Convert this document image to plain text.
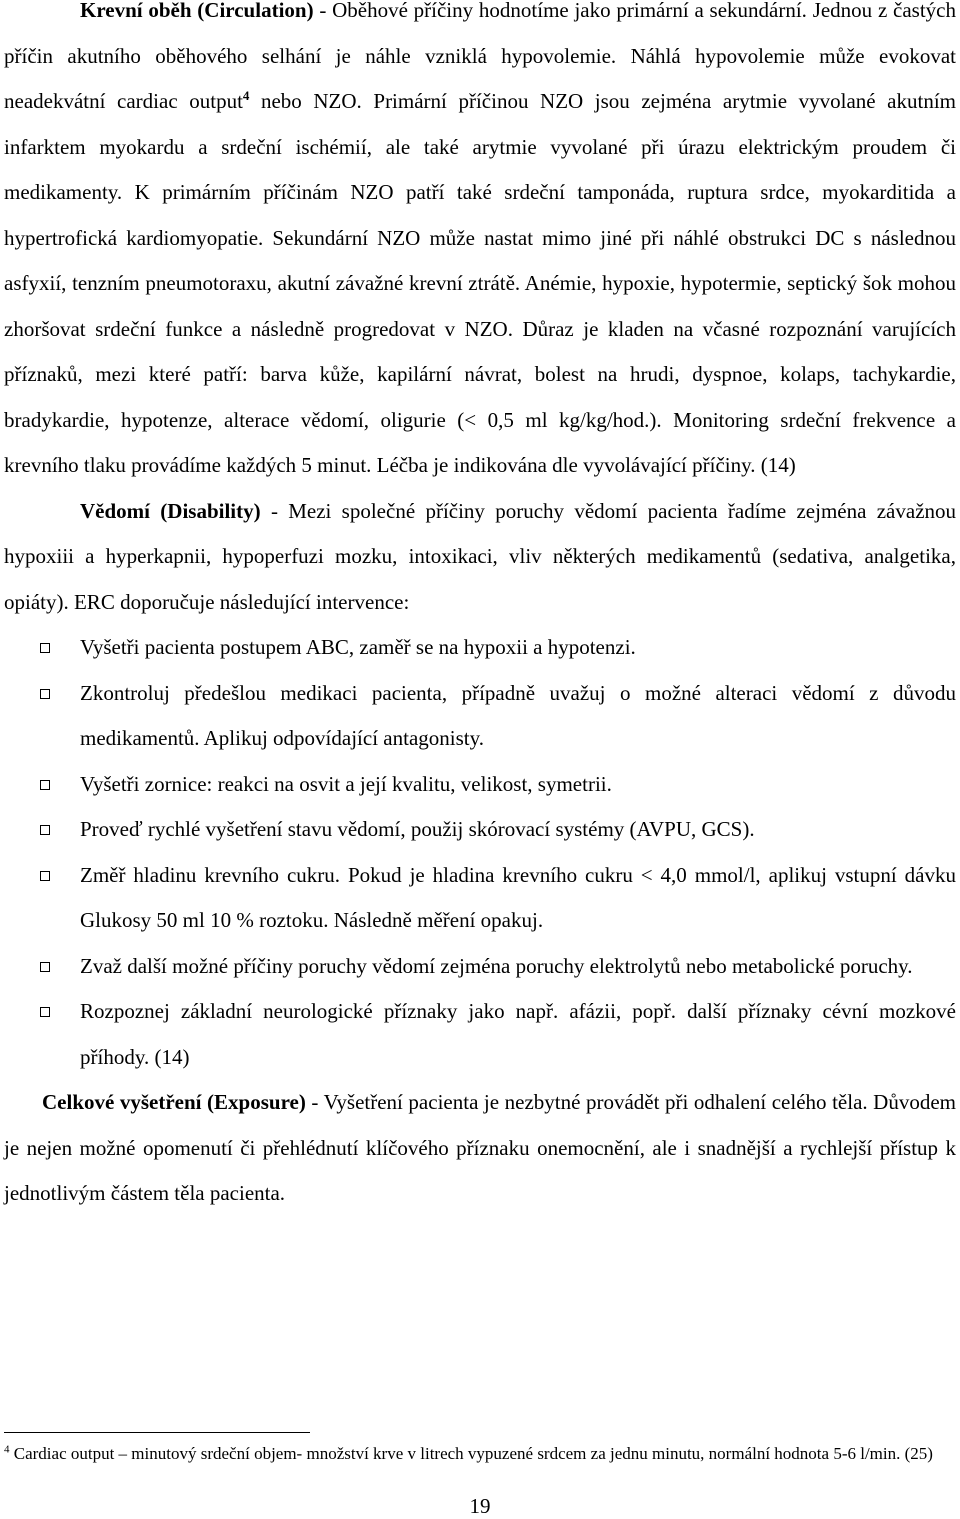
Krevní oběh (Circulation) - Oběhové příčiny hodnotíme jako primární a sekundární. Jednou z častých příčin akutního oběhového selhání je náhle vzniklá hypovolemie. Náhlá hypovolemie může evokovat neadekvátní cardiac output$^4$ nebo NZO. Primární příčinou NZO jsou zejména arytmie vyvolané akutním infarktem myokardu a srdeční ischémií, ale také arytmie vyvolané při úrazu elektrickým proudem či medikamenty. K primárním příčinám NZO patří také srdeční tamponáda, ruptura srdce, myokarditida a hypertrofická kardiomyopatie. Sekundární NZO může nastat mimo jiné při náhlé obstrukci DC s následnou asfyxií, tenzním pneumotoraxu, akutní závažné krevní ztrátě. Anémie, hypoxie, hypotermie, septický šok mohou zhoršovat srdeční funkce a následně progredovat v NZO. Důraz je kladen na včasné rozpoznání varujících příznaků, mezi které patří: barva kůže, kapilární návrat, bolest na hrudi, dyspnoe, kolaps, tachykardie, bradykardie, hypotenze, alterace vědomí, oligurie (< 0,5 ml kg/kg/hod.). Monitoring srdeční frekvence a krevního tlaku provádíme každých 5 minut. Léčba je indikována dle vyvolávající příčiny. (14)

Vědomí (Disability) - Mezi společné příčiny poruchy vědomí pacienta řadíme zejména závažnou hypoxiii a hyperkapnii, hypoperfuzi mozku, intoxikaci, vliv některých medikamentů (sedativa, analgetika, opiáty). ERC doporučuje následující intervence:

Vyšetři pacienta postupem ABC, zaměř se na hypoxii a hypotenzi.
Zkontroluj předešlou medikaci pacienta, případně uvažuj o možné alteraci vědomí z důvodu medikamentů. Aplikuj odpovídající antagonisty.
Vyšetři zornice: reakci na osvit a její kvalitu, velikost, symetrii.
Proveď rychlé vyšetření stavu vědomí, použij skórovací systémy (AVPU, GCS).
Změř hladinu krevního cukru. Pokud je hladina krevního cukru < 4,0 mmol/l, aplikuj vstupní dávku Glukosy 50 ml 10 % roztoku. Následně měření opakuj.
Zvaž další možné příčiny poruchy vědomí zejména poruchy elektrolytů nebo metabolické poruchy.
Rozpoznej základní neurologické příznaky jako např. afázii, popř. další příznaky cévní mozkové příhody. (14)

Celkové vyšetření (Exposure) - Vyšetření pacienta je nezbytné provádět při odhalení celého těla. Důvodem je nejen možné opomenutí či přehlédnutí klíčového příznaku onemocnění, ale i snadnější a rychlejší přístup k jednotlivým částem těla pacienta.

$^4$ Cardiac output – minutový srdeční objem- množství krve v litrech vypuzené srdcem za jednu minutu, normální hodnota 5-6 l/min. (25)
19
